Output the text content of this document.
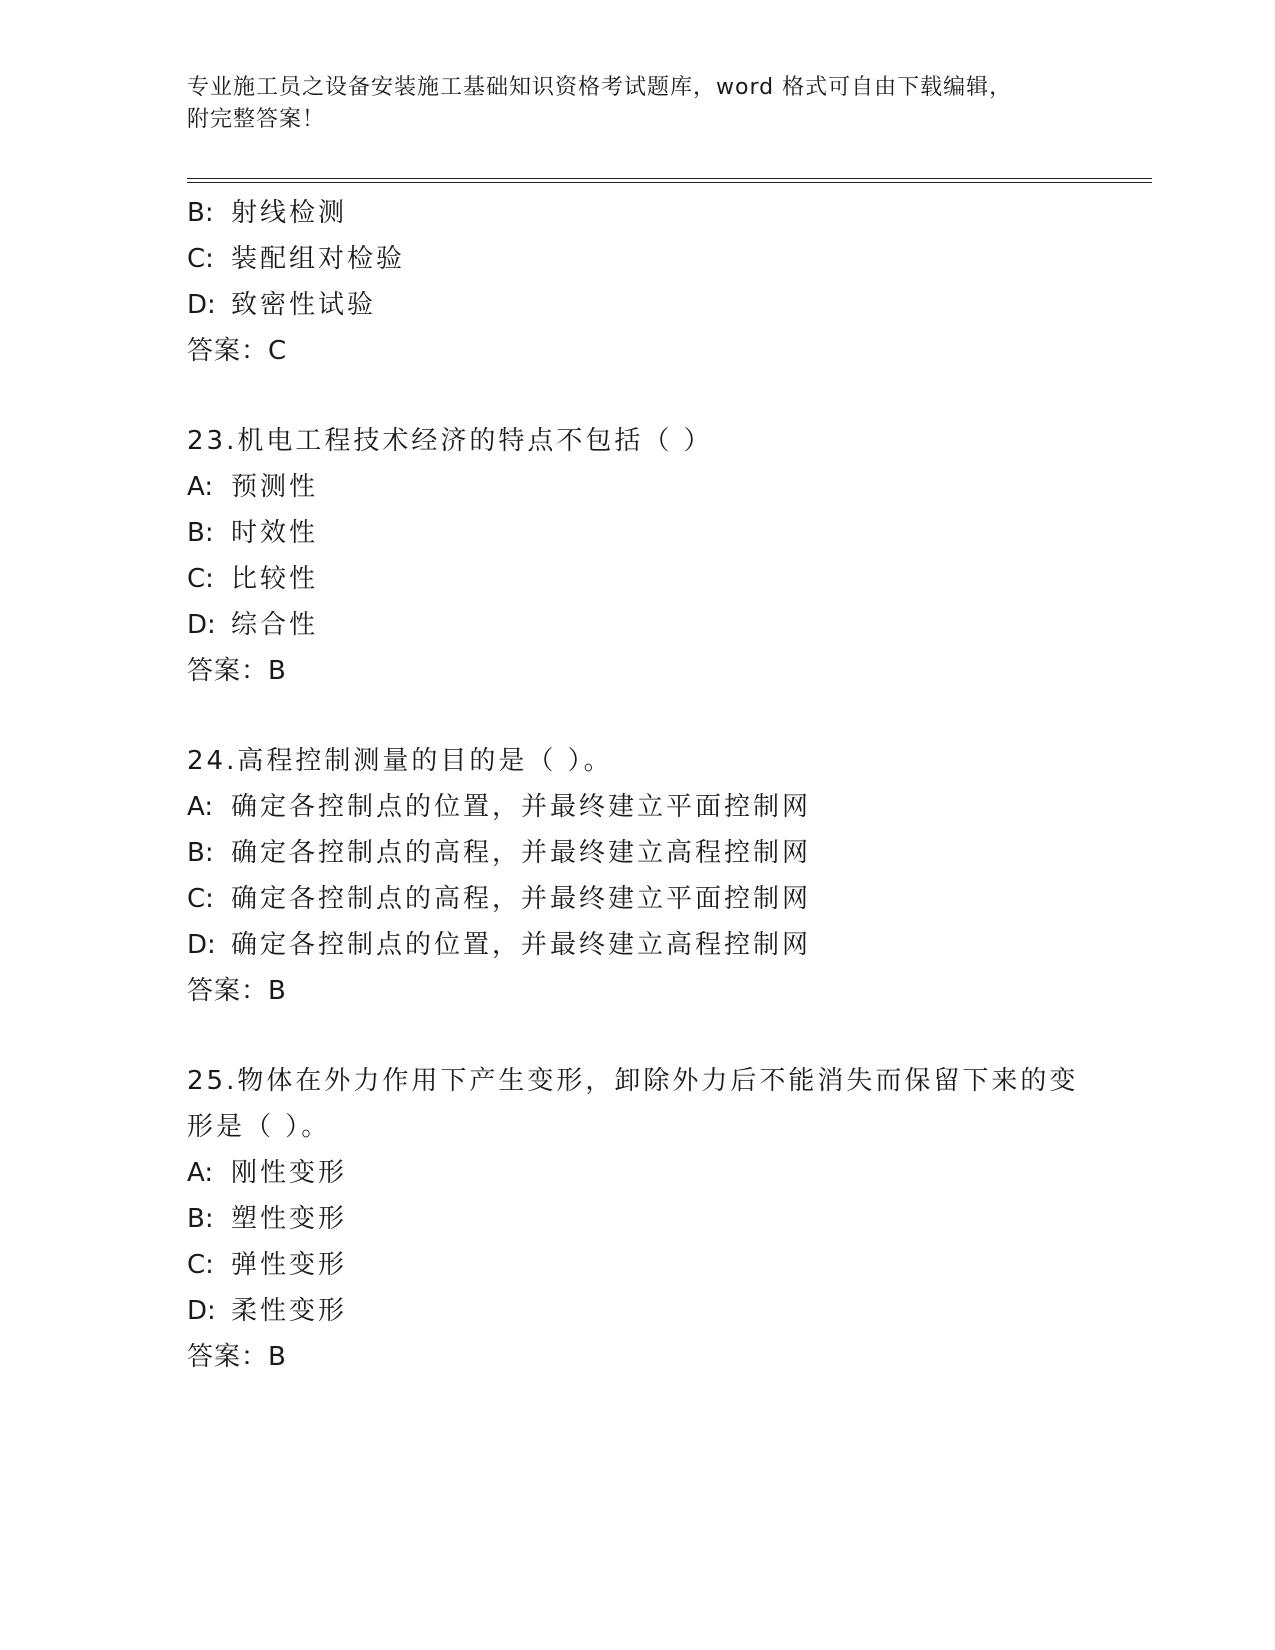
专业施工员之设备安装施工基础知识资格考试题库，word 格式可自由下载编辑，
附完整答案！
B: 射线检测
C: 装配组对检验
D: 致密性试验
答案：C
23.机电工程技术经济的特点不包括（ ）
A: 预测性
B: 时效性
C: 比较性
D: 综合性
答案：B
24.高程控制测量的目的是（ ）。
A: 确定各控制点的位置，并最终建立平面控制网
B: 确定各控制点的高程，并最终建立高程控制网
C: 确定各控制点的高程，并最终建立平面控制网
D: 确定各控制点的位置，并最终建立高程控制网
答案：B
25.物体在外力作用下产生变形，卸除外力后不能消失而保留下来的变
形是（ ）。
A: 刚性变形
B: 塑性变形
C: 弹性变形
D: 柔性变形
答案：B
